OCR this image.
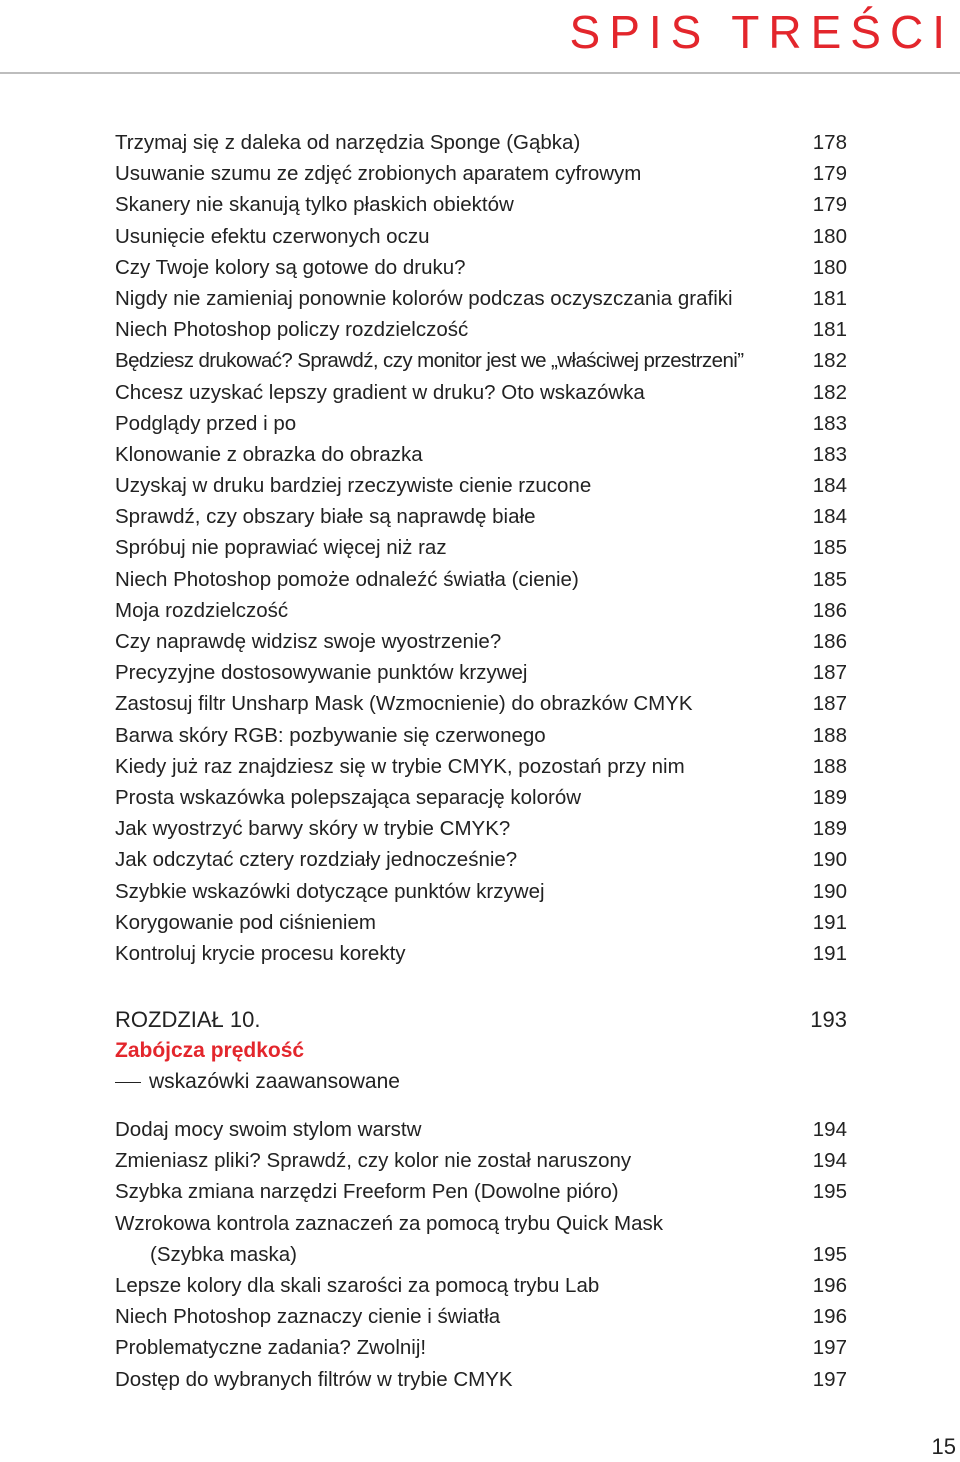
SPIS TREŚCI
Trzymaj się z daleka od narzędzia Sponge (Gąbka)	178
Usuwanie szumu ze zdjęć zrobionych aparatem cyfrowym	179
Skanery nie skanują tylko płaskich obiektów	179
Usunięcie efektu czerwonych oczu	180
Czy Twoje kolory są gotowe do druku?	180
Nigdy nie zamieniaj ponownie kolorów podczas oczyszczania grafiki	181
Niech Photoshop policzy rozdzielczość	181
Będziesz drukować? Sprawdź, czy monitor jest we „właściwej przestrzeni”	182
Chcesz uzyskać lepszy gradient w druku? Oto wskazówka	182
Podglądy przed i po	183
Klonowanie z obrazka do obrazka	183
Uzyskaj w druku bardziej rzeczywiste cienie rzucone	184
Sprawdź, czy obszary białe są naprawdę białe	184
Spróbuj nie poprawiać więcej niż raz	185
Niech Photoshop pomoże odnaleźć światła (cienie)	185
Moja rozdzielczość	186
Czy naprawdę widzisz swoje wyostrzenie?	186
Precyzyjne dostosowywanie punktów krzywej	187
Zastosuj filtr Unsharp Mask (Wzmocnienie) do obrazków CMYK	187
Barwa skóry RGB: pozbywanie się czerwonego	188
Kiedy już raz znajdziesz się w trybie CMYK, pozostań przy nim	188
Prosta wskazówka polepszająca separację kolorów	189
Jak wyostrzyć barwy skóry w trybie CMYK?	189
Jak odczytać cztery rozdziały jednocześnie?	190
Szybkie wskazówki dotyczące punktów krzywej	190
Korygowanie pod ciśnieniem	191
Kontroluj krycie procesu korekty	191
ROZDZIAŁ 10.	193
Zabójcza prędkość
wskazówki zaawansowane
Dodaj mocy swoim stylom warstw	194
Zmieniasz pliki? Sprawdź, czy kolor nie został naruszony	194
Szybka zmiana narzędzi Freeform Pen (Dowolne pióro)	195
Wzrokowa kontrola zaznaczeń za pomocą trybu Quick Mask
(Szybka maska)	195
Lepsze kolory dla skali szarości za pomocą trybu Lab	196
Niech Photoshop zaznaczy cienie i światła	196
Problematyczne zadania? Zwolnij!	197
Dostęp do wybranych filtrów w trybie CMYK	197
15
